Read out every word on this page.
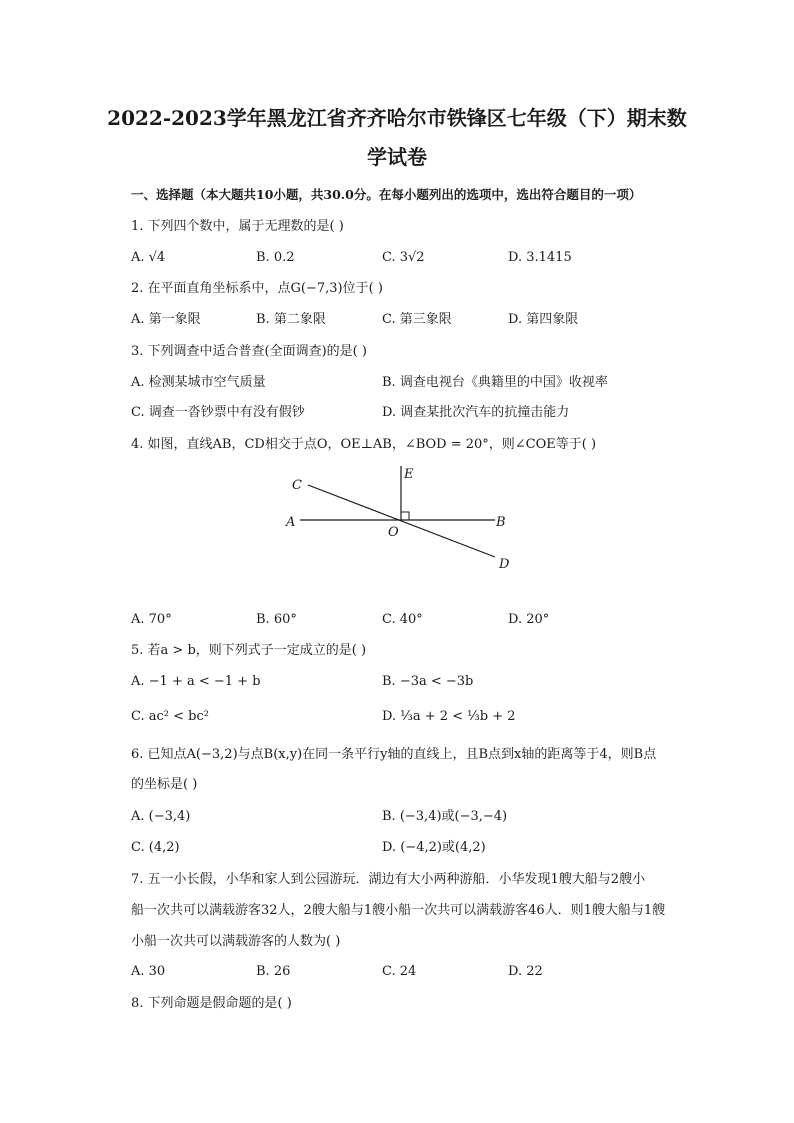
2022-2023学年黑龙江省齐齐哈尔市铁锋区七年级（下）期末数
学试卷
一、选择题（本大题共10小题，共30.0分。在每小题列出的选项中，选出符合题目的一项）
1. 下列四个数中，属于无理数的是( )
A. √4	B. 0.2	C. 3√2	D. 3.1415
2. 在平面直角坐标系中，点G(−7,3)位于( )
A. 第一象限	B. 第二象限	C. 第三象限	D. 第四象限
3. 下列调查中适合普查(全面调查)的是( )
A. 检测某城市空气质量	B. 调查电视台《典籍里的中国》收视率
C. 调查一沓钞票中有没有假钞	D. 调查某批次汽车的抗撞击能力
4. 如图，直线AB，CD相交于点O，OE⊥AB，∠BOD = 20°，则∠COE等于( )
C
E
A
O
B
D
A. 70°	B. 60°	C. 40°	D. 20°
5. 若a > b，则下列式子一定成立的是( )
A. −1 + a < −1 + b	B. −3a < −3b
C. ac² < bc²	D. ⅓a + 2 < ⅓b + 2
6. 已知点A(−3,2)与点B(x,y)在同一条平行y轴的直线上，且B点到x轴的距离等于4，则B点
的坐标是( )
A. (−3,4)	B. (−3,4)或(−3,−4)
C. (4,2)	D. (−4,2)或(4,2)
7. 五一小长假，小华和家人到公园游玩．湖边有大小两种游船．小华发现1艘大船与2艘小
船一次共可以满载游客32人，2艘大船与1艘小船一次共可以满载游客46人．则1艘大船与1艘
小船一次共可以满载游客的人数为( )
A. 30	B. 26	C. 24	D. 22
8. 下列命题是假命题的是( )
